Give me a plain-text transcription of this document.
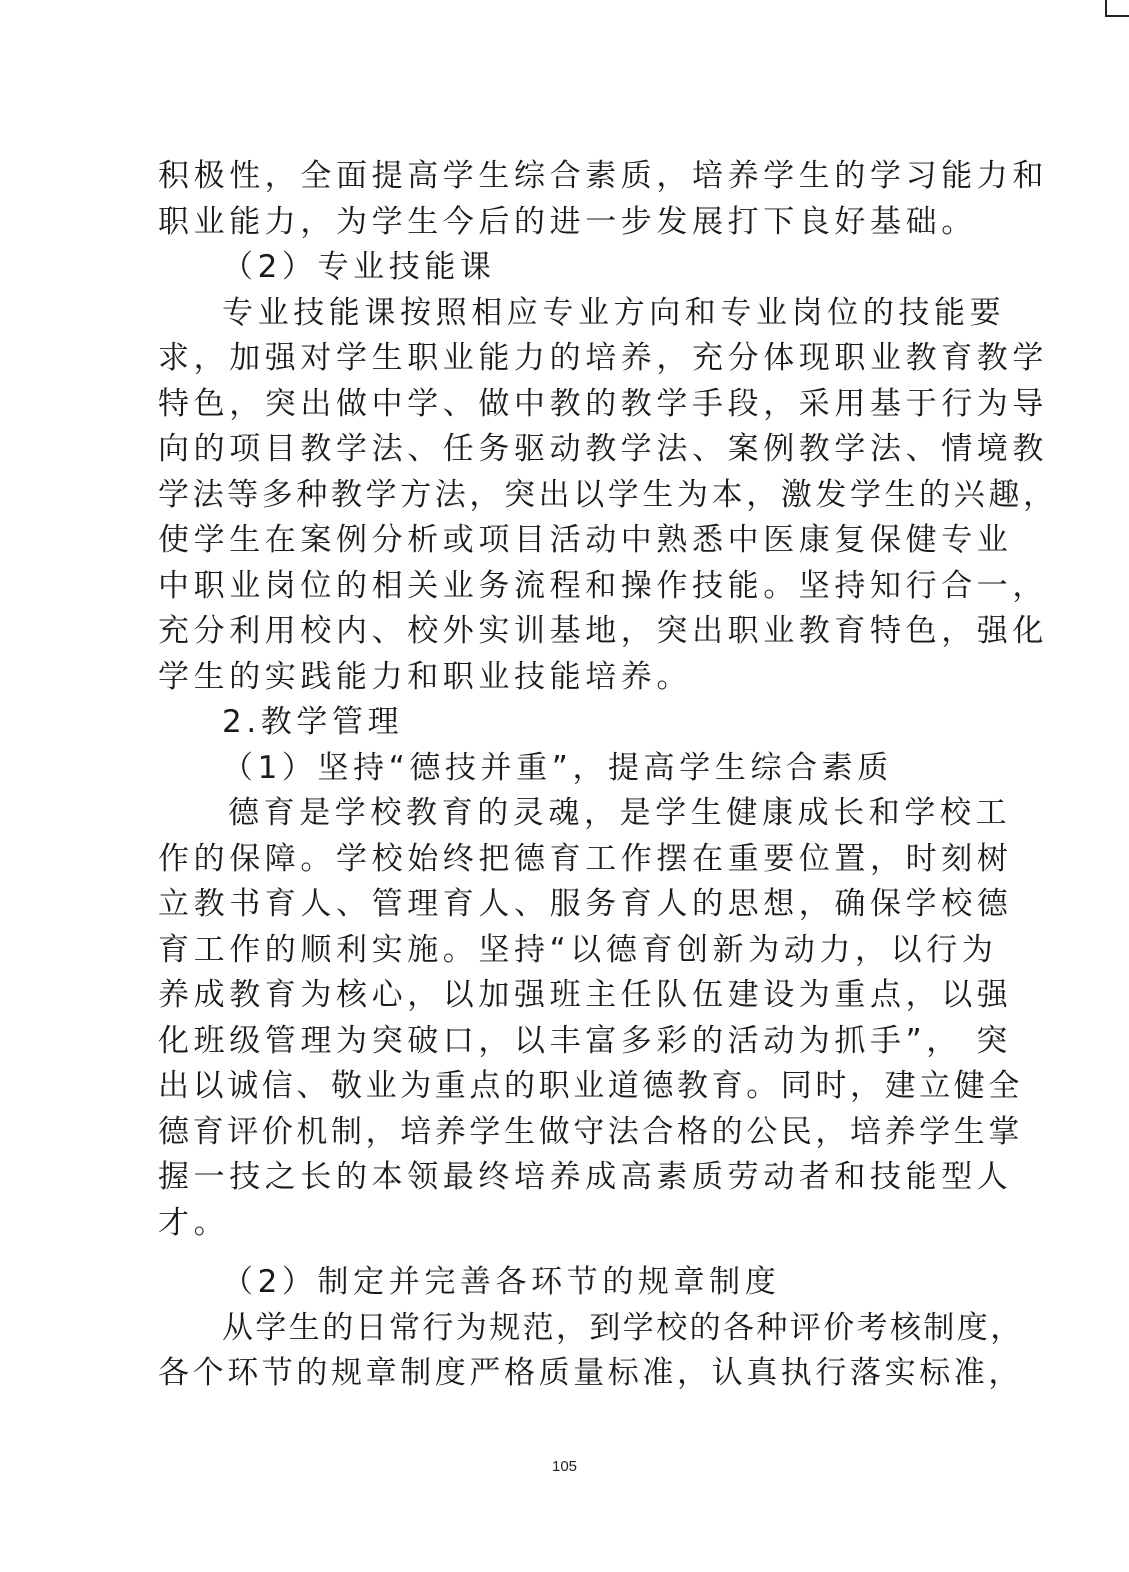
积极性，全面提高学生综合素质，培养学生的学习能力和
职业能力，为学生今后的进一步发展打下良好基础。
（2）专业技能课
专业技能课按照相应专业方向和专业岗位的技能要
求，加强对学生职业能力的培养，充分体现职业教育教学
特色，突出做中学、做中教的教学手段，采用基于行为导
向的项目教学法、任务驱动教学法、案例教学法、情境教
学法等多种教学方法，突出以学生为本，激发学生的兴趣，
使学生在案例分析或项目活动中熟悉中医康复保健专业
中职业岗位的相关业务流程和操作技能。坚持知行合一，
充分利用校内、校外实训基地，突出职业教育特色，强化
学生的实践能力和职业技能培养。
2.教学管理
（1）坚持“德技并重”，提高学生综合素质
德育是学校教育的灵魂，是学生健康成长和学校工
作的保障。学校始终把德育工作摆在重要位置，时刻树
立教书育人、管理育人、服务育人的思想，确保学校德
育工作的顺利实施。坚持“以德育创新为动力，以行为
养成教育为核心，以加强班主任队伍建设为重点，以强
化班级管理为突破口，以丰富多彩的活动为抓手”， 突
出以诚信、敬业为重点的职业道德教育。同时，建立健全
德育评价机制，培养学生做守法合格的公民，培养学生掌
握一技之长的本领最终培养成高素质劳动者和技能型人
才。
（2）制定并完善各环节的规章制度
从学生的日常行为规范，到学校的各种评价考核制度，
各个环节的规章制度严格质量标准，认真执行落实标准，
105
